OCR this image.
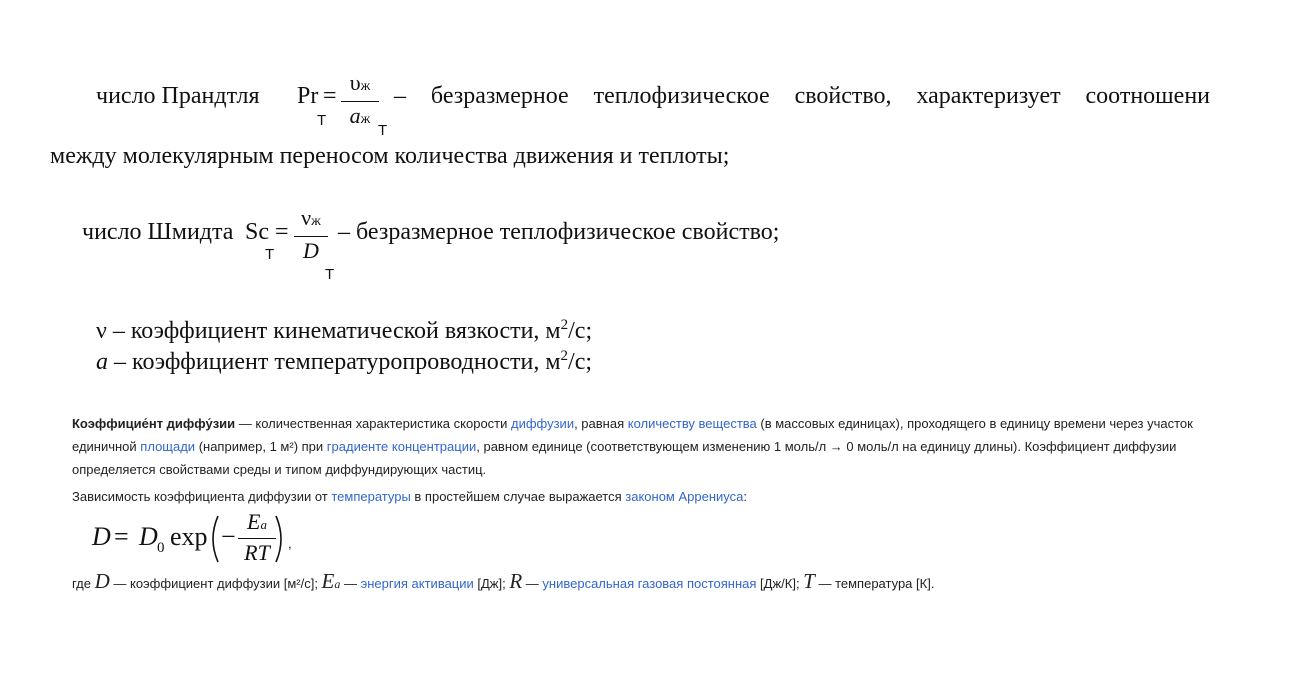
число Прандтля Pr =
υж
aж
T
T
– безразмерное теплофизическое свойство, характеризует соотношени
между молекулярным переносом количества движения и теплоты;
число Шмидта Sc =
νж
D
T
T
– безразмерное теплофизическое свойство;
ν – коэффициент кинематической вязкости, $м^2/с$;
a – коэффициент температуропроводности, $м^2/с$;
Коэффицие́нт диффу́зии — количественная характеристика скорости диффузии, равная количеству вещества (в массовых единицах), проходящего в единицу времени через участок
единичной площади (например, 1 м²) при градиенте концентрации, равном единице (соответствующем изменению 1 моль/л → 0 моль/л на единицу длины). Коэффициент диффузии
определяется свойствами среды и типом диффундирующих частиц.
Зависимость коэффициента диффузии от температуры в простейшем случае выражается законом Аррениуса:
D = D 0 exp −
Ea
RT	,
где D — коэффициент диффузии [м²/с]; Ea — энергия активации [Дж]; R — универсальная газовая постоянная [Дж/К]; T — температура [К].
